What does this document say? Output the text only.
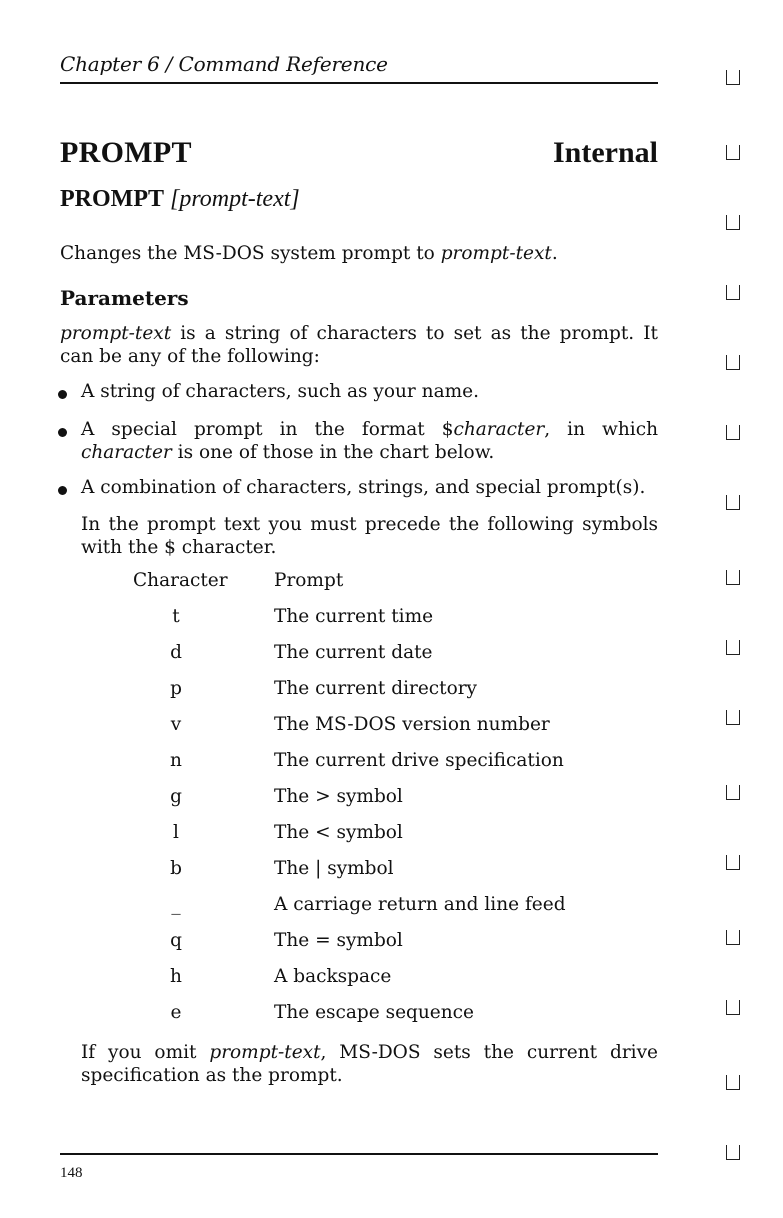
Chapter 6 / Command Reference
PROMPT	Internal
PROMPT [prompt-text]
Changes the MS-DOS system prompt to prompt-text.
Parameters
prompt-text is a string of characters to set as the prompt. It can be any of the following:
A string of characters, such as your name.
A special prompt in the format $character, in which character is one of those in the chart below.
A combination of characters, strings, and special prompt(s).
In the prompt text you must precede the following symbols with the $ character.
Character	Prompt
t	The current time
d	The current date
p	The current directory
v	The MS-DOS version number
n	The current drive specification
g	The > symbol
l	The < symbol
b	The | symbol
_	A carriage return and line feed
q	The = symbol
h	A backspace
e	The escape sequence
If you omit prompt-text, MS-DOS sets the current drive specification as the prompt.
148
